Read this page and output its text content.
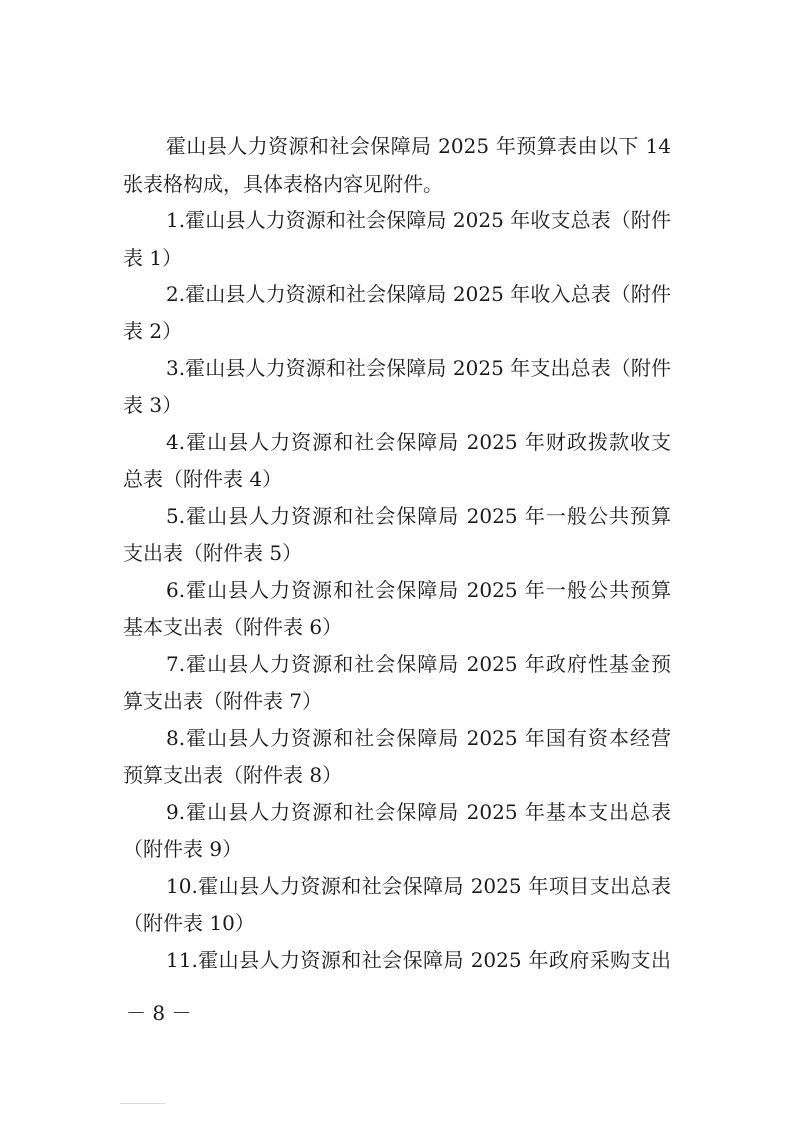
霍山县人力资源和社会保障局 2025 年预算表由以下 14
张表格构成，具体表格内容见附件。
1.霍山县人力资源和社会保障局 2025 年收支总表（附件
表 1）
2.霍山县人力资源和社会保障局 2025 年收入总表（附件
表 2）
3.霍山县人力资源和社会保障局 2025 年支出总表（附件
表 3）
4.霍山县人力资源和社会保障局 2025 年财政拨款收支
总表（附件表 4）
5.霍山县人力资源和社会保障局 2025 年一般公共预算
支出表（附件表 5）
6.霍山县人力资源和社会保障局 2025 年一般公共预算
基本支出表（附件表 6）
7.霍山县人力资源和社会保障局 2025 年政府性基金预
算支出表（附件表 7）
8.霍山县人力资源和社会保障局 2025 年国有资本经营
预算支出表（附件表 8）
9.霍山县人力资源和社会保障局 2025 年基本支出总表
（附件表 9）
10.霍山县人力资源和社会保障局 2025 年项目支出总表
（附件表 10）
11.霍山县人力资源和社会保障局 2025 年政府采购支出
－ 8 －
